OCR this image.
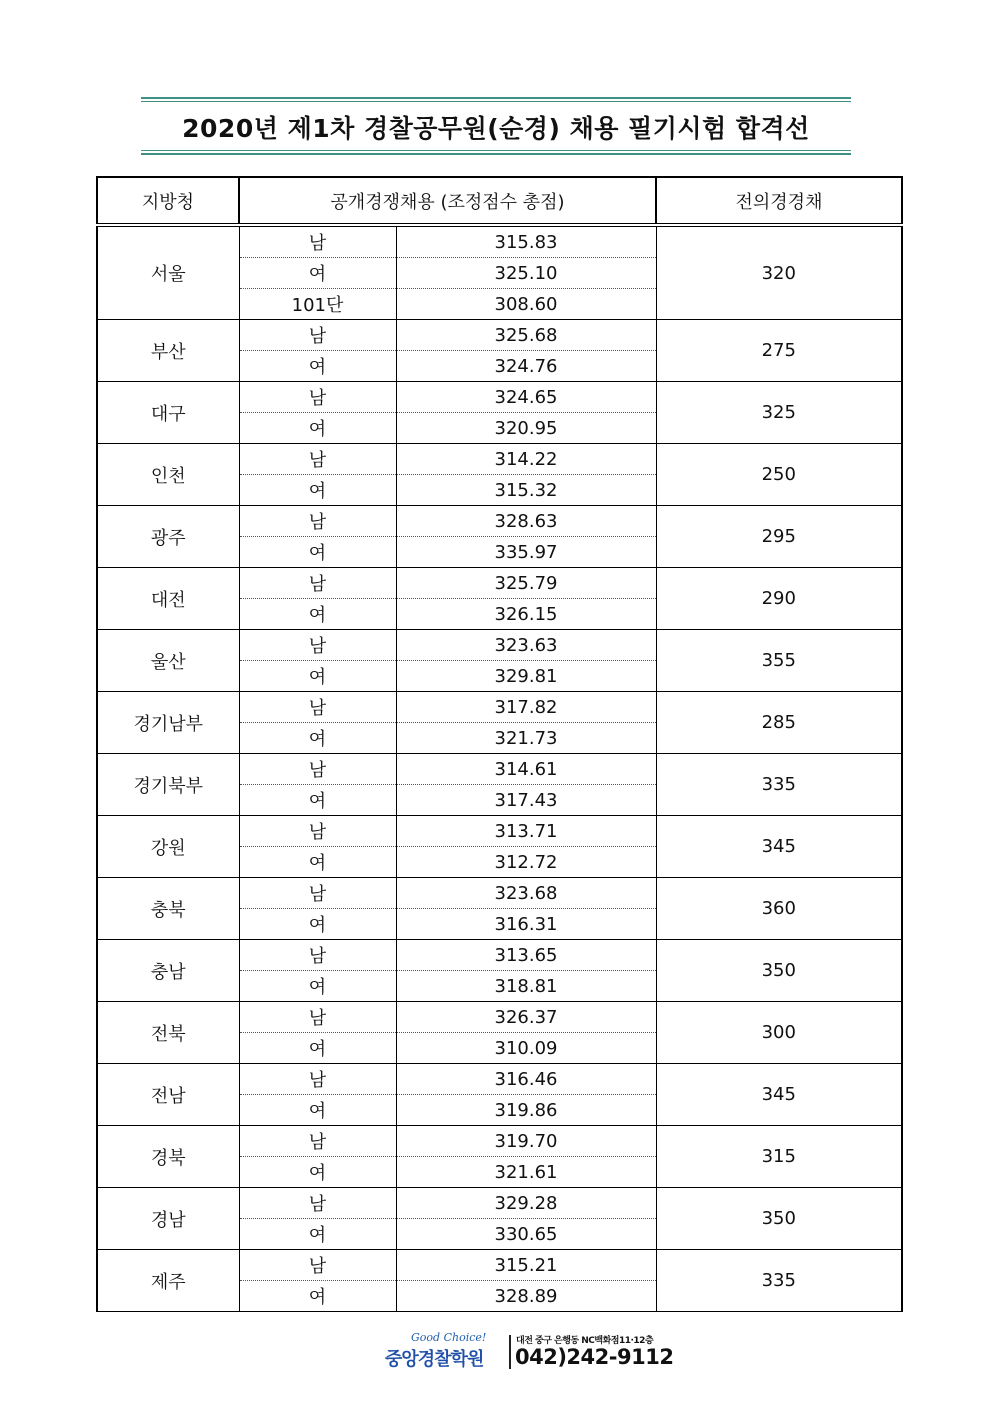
2020년 제1차 경찰공무원(순경) 채용 필기시험 합격선
지방청	공개경쟁채용 (조정점수 총점)		전의경경채
서울	남	315.83	320
	여	325.10	
	101단	308.60	
부산	남	325.68	275
	여	324.76	
대구	남	324.65	325
	여	320.95	
인천	남	314.22	250
	여	315.32	
광주	남	328.63	295
	여	335.97	
대전	남	325.79	290
	여	326.15	
울산	남	323.63	355
	여	329.81	
경기남부	남	317.82	285
	여	321.73	
경기북부	남	314.61	335
	여	317.43	
강원	남	313.71	345
	여	312.72	
충북	남	323.68	360
	여	316.31	
충남	남	313.65	350
	여	318.81	
전북	남	326.37	300
	여	310.09	
전남	남	316.46	345
	여	319.86	
경북	남	319.70	315
	여	321.61	
경남	남	329.28	350
	여	330.65	
제주	남	315.21	335
	여	328.89	
Good Choice!
중앙경찰학원
대전 중구 은행동 NC백화점11·12층
042)242-9112
